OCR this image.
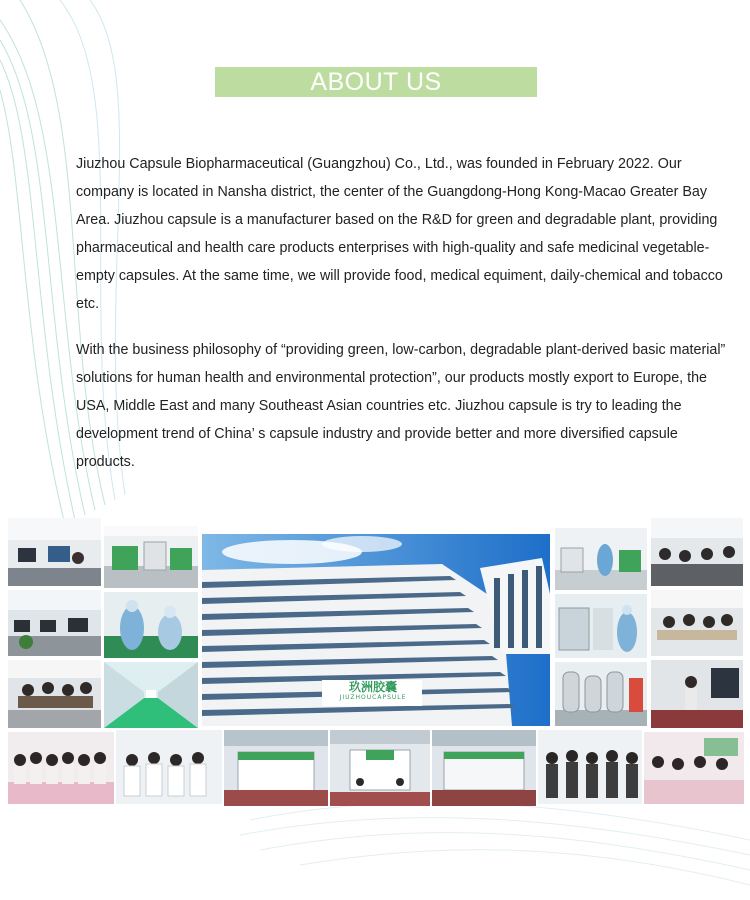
ABOUT US

Jiuzhou Capsule Biopharmaceutical (Guangzhou) Co., Ltd., was founded in February 2022. Our company is located in Nansha district, the center of the Guangdong-Hong Kong-Macao Greater Bay Area. Jiuzhou capsule is a manufacturer based on the R&D for green and degradable plant, providing pharmaceutical and health care products enterprises with high-quality and safe medicinal vegetable-empty capsules. At the same time, we will provide food, medical equiment, daily-chemical and tobacco etc.

With the business philosophy of “providing green, low-carbon, degradable plant-derived basic material” solutions for human health and environmental protection”, our products mostly export to Europe, the USA, Middle East and many Southeast Asian countries etc. Jiuzhou capsule is try to leading the development trend of China’ s capsule industry and provide better and more diversified capsule products.

玖洲胶囊
JIUZHOUCAPSULE
